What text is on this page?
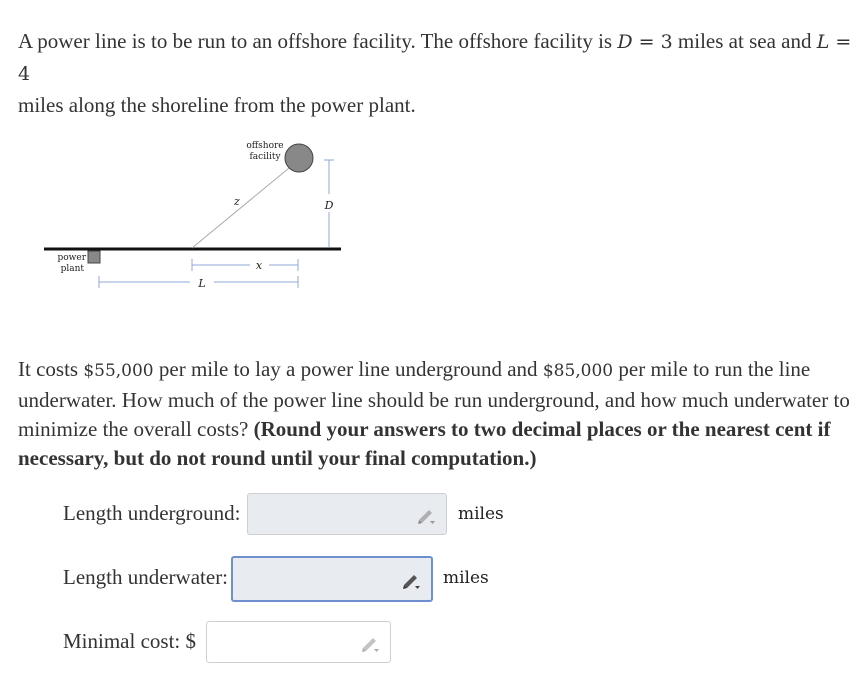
A power line is to be run to an offshore facility. The offshore facility is D = 3 miles at sea and L = 4
miles along the shoreline from the power plant.
power
plant
z
offshore
facility
D
x
L
It costs $55,000 per mile to lay a power line underground and $85,000 per mile to run the line underwater. How much of the power line should be run underground, and how much underwater to minimize the overall costs? (Round your answers to two decimal places or the nearest cent if necessary, but do not round until your final computation.)
Length underground:	miles
Length underwater:	miles
Minimal cost: $
